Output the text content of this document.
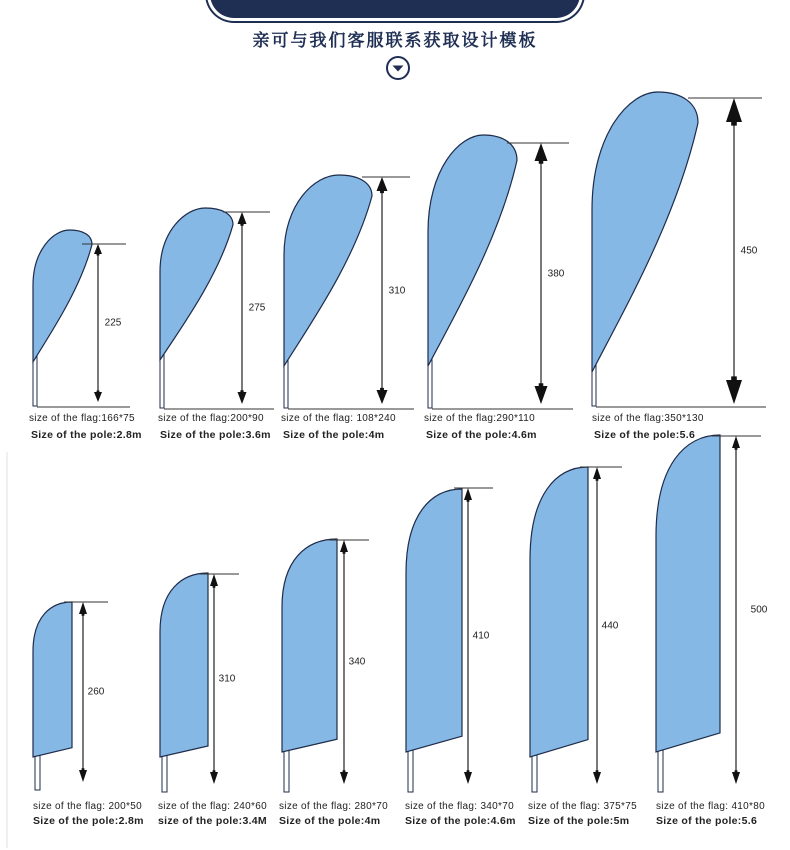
亲可与我们客服联系获取设计模板
225
size of the flag:166*75
Size of the pole:2.8m
275
size of the flag:200*90
Size of the pole:3.6m
310
size of the flag: 108*240
Size of the pole:4m
380
size of the flag:290*110
Size of the pole:4.6m
450
size of the flag:350*130
Size of the pole:5.6
260
size of the flag: 200*50
Size of the pole:2.8m
310
size of the flag: 240*60
size of the pole:3.4M
340
size of the flag: 280*70
Size of the pole:4m
410
size of the flag: 340*70
Size of the pole:4.6m
440
size of the flag: 375*75
Size of the pole:5m
500
size of the flag: 410*80
Size of the pole:5.6
